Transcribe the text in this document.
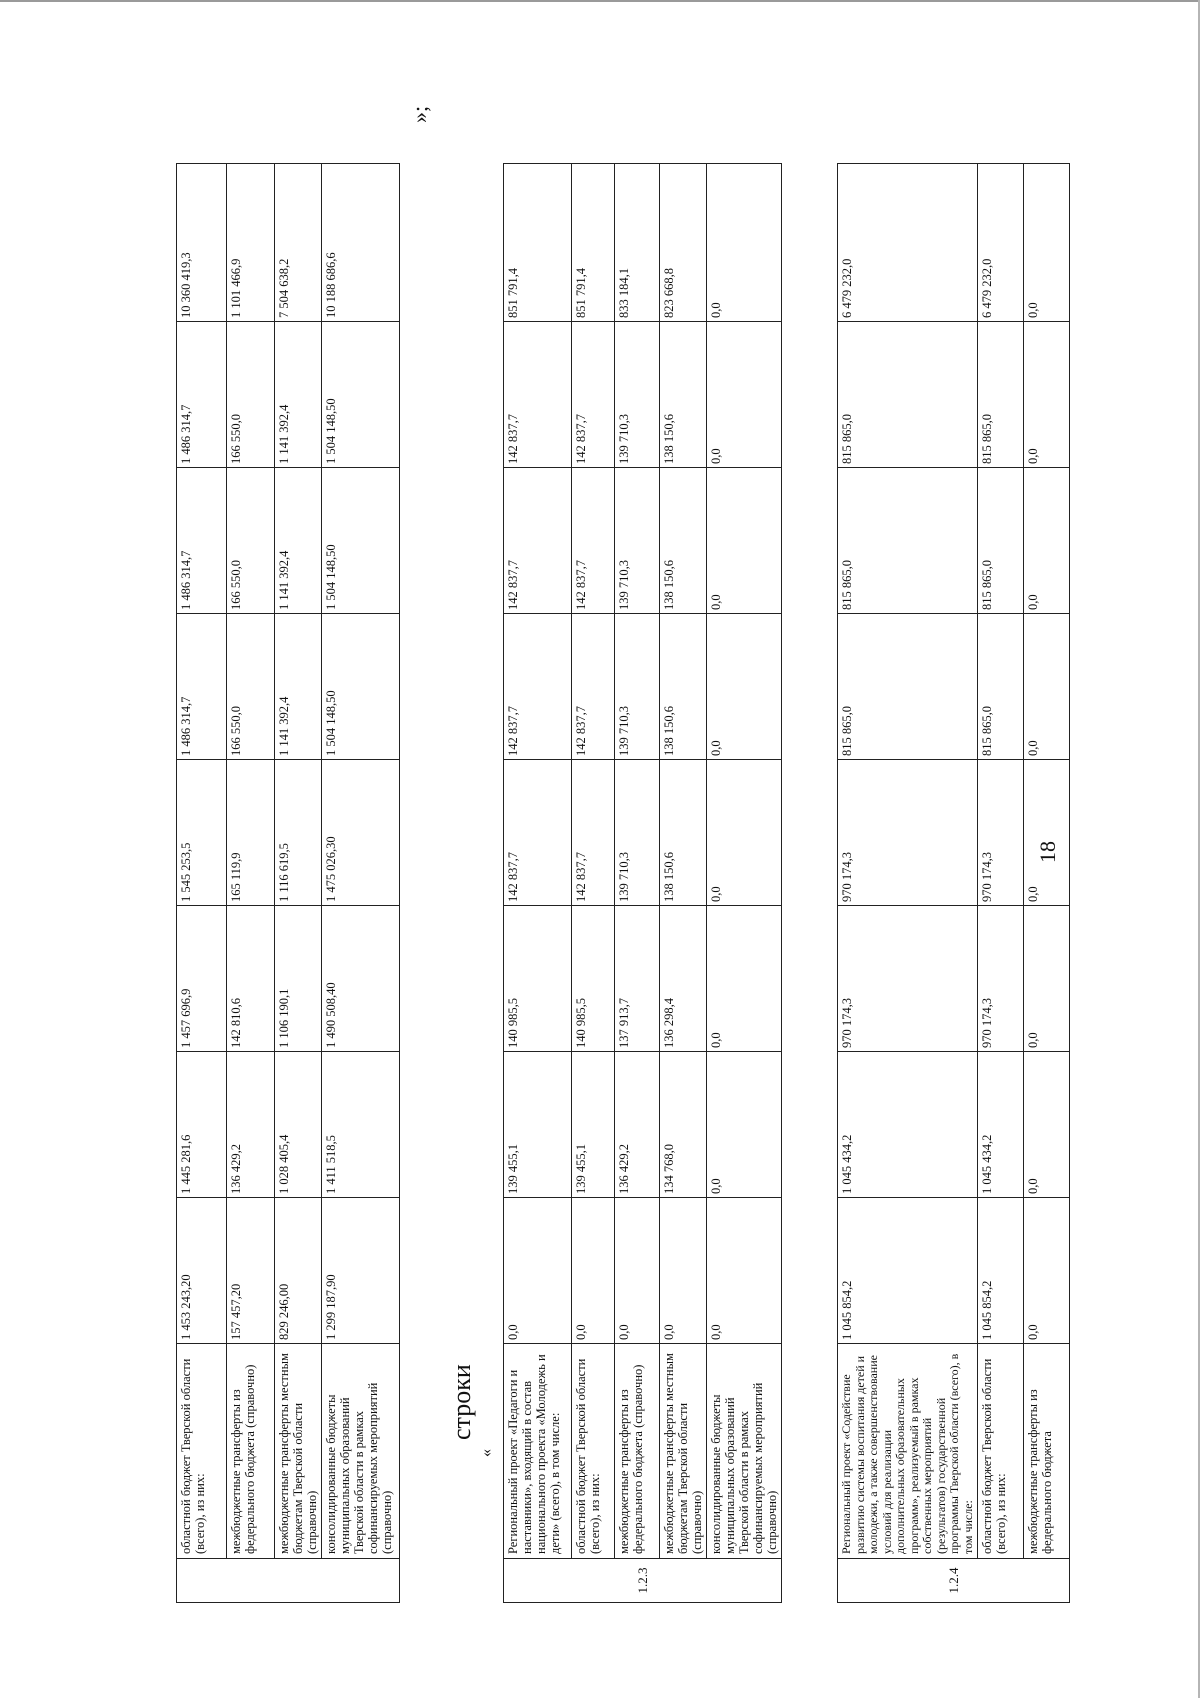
18
	областной бюджет Тверской области (всего), из них:	1 453 243,20	1 445 281,6	1 457 696,9	1 545 253,5	1 486 314,7	1 486 314,7	1 486 314,7	10 360 419,3
	межбюджетные трансферты из федерального бюджета (справочно)	157 457,20	136 429,2	142 810,6	165 119,9	166 550,0	166 550,0	166 550,0	1 101 466,9
	межбюджетные трансферты местным бюджетам Тверской области (справочно)	829 246,00	1 028 405,4	1 106 190,1	1 116 619,5	1 141 392,4	1 141 392,4	1 141 392,4	7 504 638,2
	консолидированные бюджеты муниципальных образований Тверской области в рамках софинансируемых мероприятий (справочно)	1 299 187,90	1 411 518,5	1 490 508,40	1 475 026,30	1 504 148,50	1 504 148,50	1 504 148,50	10 188 686,6
»;
строки
«
1.2.3	Региональный проект «Педагоги и наставники», входящий в состав национального проекта «Молодежь и дети» (всего), в том числе:	0,0	139 455,1	140 985,5	142 837,7	142 837,7	142 837,7	142 837,7	851 791,4
	областной бюджет Тверской области (всего), из них:	0,0	139 455,1	140 985,5	142 837,7	142 837,7	142 837,7	142 837,7	851 791,4
	межбюджетные трансферты из федерального бюджета (справочно)	0,0	136 429,2	137 913,7	139 710,3	139 710,3	139 710,3	139 710,3	833 184,1
	межбюджетные трансферты местным бюджетам Тверской области (справочно)	0,0	134 768,0	136 298,4	138 150,6	138 150,6	138 150,6	138 150,6	823 668,8
	консолидированные бюджеты муниципальных образований Тверской области в рамках софинансируемых мероприятий (справочно)	0,0	0,0	0,0	0,0	0,0	0,0	0,0	0,0
1.2.4	Региональный проект «Содействие развитию системы воспитания детей и молодежи, а также совершенствование условий для реализации дополнительных образовательных программ», реализуемый в рамках собственных мероприятий (результатов) государственной программы Тверской области (всего), в том числе:	1 045 854,2	1 045 434,2	970 174,3	970 174,3	815 865,0	815 865,0	815 865,0	6 479 232,0
	областной бюджет Тверской области (всего), из них:	1 045 854,2	1 045 434,2	970 174,3	970 174,3	815 865,0	815 865,0	815 865,0	6 479 232,0
	межбюджетные трансферты из федерального бюджета	0,0	0,0	0,0	0,0	0,0	0,0	0,0	0,0
